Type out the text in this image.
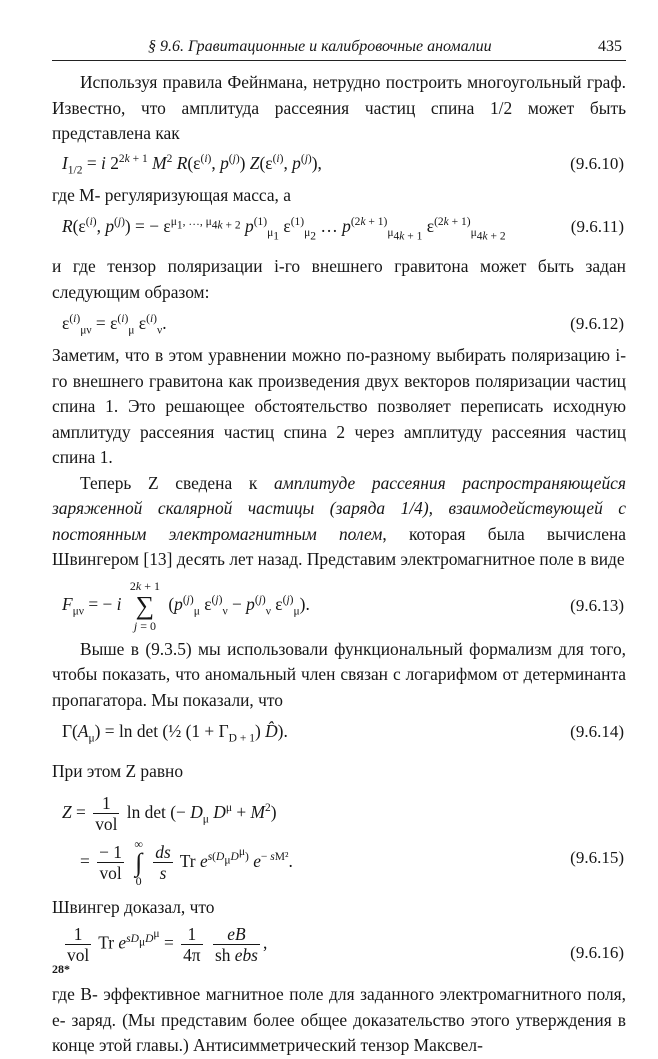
§ 9.6. Гравитационные и калибровочные аномалии	435

Используя правила Фейнмана, нетрудно построить многоугольный граф. Известно, что амплитуда рассеяния частиц спина 1/2 может быть представлена как

$I_{1/2} = i$ $2^{2k + 1}$ $M^2$ $R(\varepsilon^{(i)}$, $p^{(j)}$) $Z(\varepsilon^{(i)}$, $p^{(j)}$),	(9.6.10)

где M- регуляризующая масса, а

$R(\varepsilon^{(i)}$, $p^{(j)}$) = − $\varepsilon^{\mu_1, \dots, \mu_{4k + 2}}$ $p^{(1)}_{\mu_1}$ $\varepsilon^{(1)}_{\mu_2}$ … $p^{(2k + 1)}_{\mu_{4k + 1}}$ $\varepsilon^{(2k + 1)}_{\mu_{4k + 2}}$
(9.6.11)

и где тензор поляризации i-го внешнего гравитона может быть задан следующим образом:

$\varepsilon^{(i)}_{\mu\nu} = \varepsilon^{(i)}_\mu$ $\varepsilon^{(i)}_\nu$.	(9.6.12)

Заметим, что в этом уравнении можно по-разному выбирать поляризацию i-го внешнего гравитона как произведения двух векторов поляризации частиц спина 1. Это решающее обстоятельство позволяет переписать исходную амплитуду рассеяния частиц спина 2 через амплитуду рассеяния частиц спина 1.

Теперь Z сведена к амплитуде рассеяния распространяющейся заряженной скалярной частицы (заряда 1/4), взаимодействующей с постоянным электромагнитным полем, которая была вычислена Швингером [13] десять лет назад. Представим электромагнитное поле в виде

$F_{\mu\nu}$ = − i 2k + 1
∑
j = 0 ($p^{(j)}_\mu$ $\varepsilon^{(j)}_\nu - p^{(j)}_\nu$ $\varepsilon^{(j)}_\mu$).	(9.6.13)

Выше в (9.3.5) мы использовали функциональный формализм для того, чтобы показать, что аномальный член связан с логарифмом от детерминанта пропагатора. Мы показали, что

$\Gamma(A_\mu) = \ln \det$ (½ $(1 + \Gamma_{D + 1})$ D̂).	(9.6.14)

При этом Z равно

$Z = \frac{1}{\text{vol}}$ ln det (− $D_\mu$ $D^\mu + M^2$)
= $\frac{- 1}{\text{vol}}$ ∞
∫
$0 \frac{ds}{s}$ Tr $e^{s(D_\mu D^\mu)}$ $e^{- sM^2}$.	(9.6.15)

Швингер доказал, что

$\frac{1}{\text{vol}}$ Tr $e^{sD_\mu D^\mu} = \frac{1}{4\pi}$
$\frac{eB}{\text{sh ebs}}$ ,	(9.6.16)

где B- эффективное магнитное поле для заданного электромагнитного поля, e- заряд. (Мы представим более общее доказательство этого утверждения в конце этой главы.) Антисимметрический тензор Максвел-

28*
